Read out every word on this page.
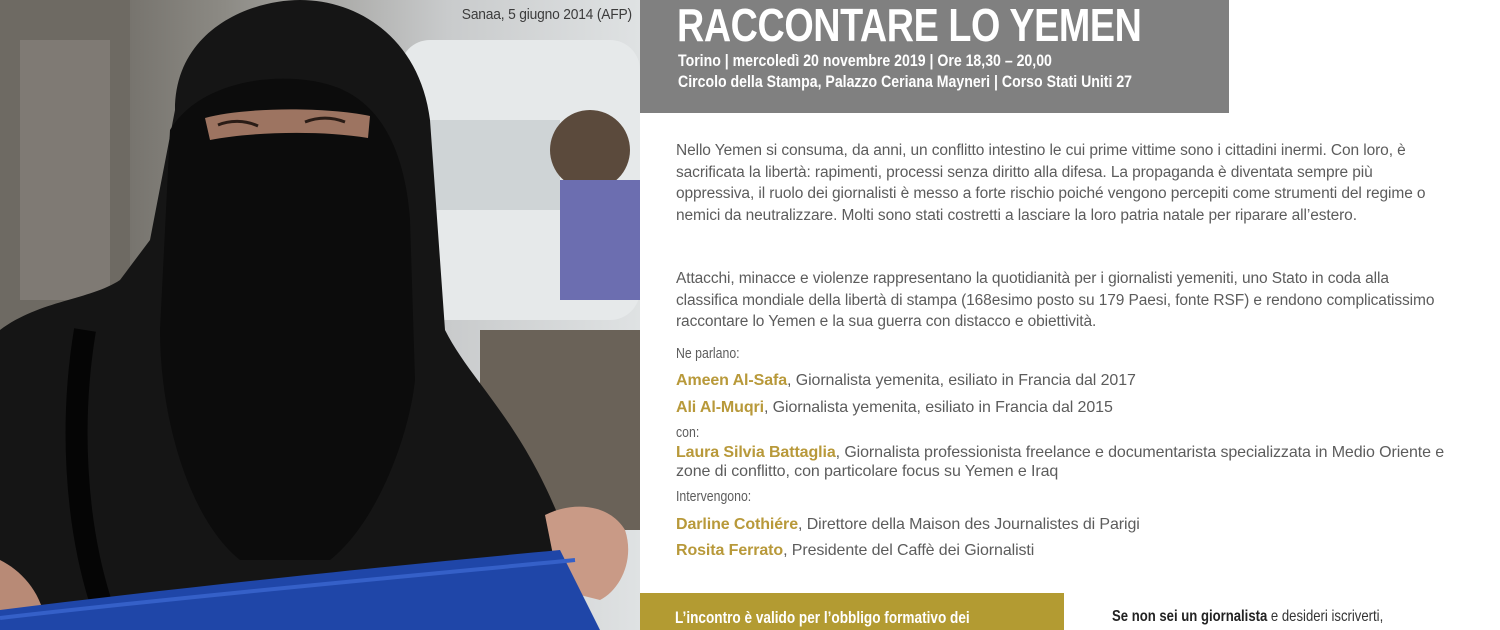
Sanaa, 5 giugno 2014 (AFP) RACCONTARE LO YEMEN
Torino | mercoledì 20 novembre 2019 | Ore 18,30 – 20,00
Circolo della Stampa, Palazzo Ceriana Mayneri | Corso Stati Uniti 27
Nello Yemen si consuma, da anni, un conflitto intestino le cui prime vittime sono i cittadini inermi. Con loro, è sacrificata la libertà: rapimenti, processi senza diritto alla difesa. La propaganda è diventata sempre più oppressiva, il ruolo dei giornalisti è messo a forte rischio poiché vengono percepiti come strumenti del regime o nemici da neutralizzare. Molti sono stati costretti a lasciare la loro patria natale per riparare all’estero.
Attacchi, minacce e violenze rappresentano la quotidianità per i giornalisti yemeniti, uno Stato in coda alla classifica mondiale della libertà di stampa (168esimo posto su 179 Paesi, fonte RSF) e rendono complicatissimo raccontare lo Yemen e la sua guerra con distacco e obiettività.
Ne parlano:
Ameen Al-Safa, Giornalista yemenita, esiliato in Francia dal 2017
Ali Al-Muqri, Giornalista yemenita, esiliato in Francia dal 2015
con:
Laura Silvia Battaglia, Giornalista professionista freelance e documentarista specializzata in Medio Oriente e zone di conflitto, con particolare focus su Yemen e Iraq
Intervengono:
Darline Cothiére, Direttore della Maison des Journalistes di Parigi
Rosita Ferrato, Presidente del Caffè dei Giornalisti
L’incontro è valido per l’obbligo formativo dei	Se non sei un giornalista e desideri iscriverti,
